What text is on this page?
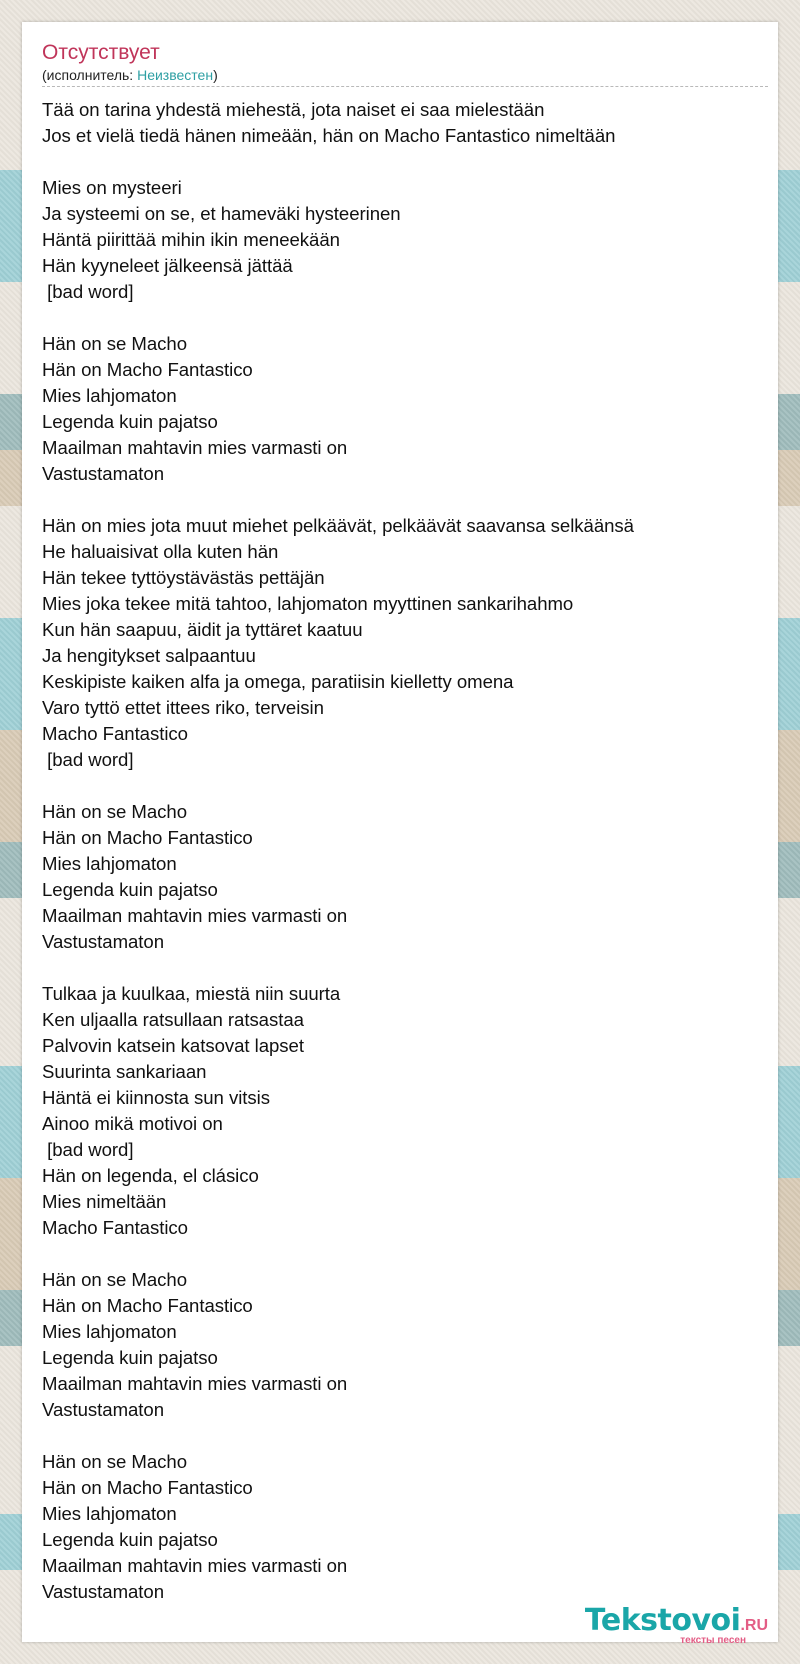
Отсутствует
(исполнитель: Неизвестен)
Tää on tarina yhdestä miehestä, jota naiset ei saa mielestään
Jos et vielä tiedä hänen nimeään, hän on Macho Fantastico nimeltään

Mies on mysteeri
Ja systeemi on se, et hameväki hysteerinen
Häntä piirittää mihin ikin meneekään
Hän kyyneleet jälkeensä jättää
[bad word]

Hän on se Macho
Hän on Macho Fantastico
Mies lahjomaton
Legenda kuin pajatso
Maailman mahtavin mies varmasti on
Vastustamaton

Hän on mies jota muut miehet pelkäävät, pelkäävät saavansa selkäänsä
He haluaisivat olla kuten hän
Hän tekee tyttöystävästäs pettäjän
Mies joka tekee mitä tahtoo, lahjomaton myyttinen sankarihahmo
Kun hän saapuu, äidit ja tyttäret kaatuu
Ja hengitykset salpaantuu
Keskipiste kaiken alfa ja omega, paratiisin kielletty omena
Varo tyttö ettet ittees riko, terveisin
Macho Fantastico
[bad word]

Hän on se Macho
Hän on Macho Fantastico
Mies lahjomaton
Legenda kuin pajatso
Maailman mahtavin mies varmasti on
Vastustamaton

Tulkaa ja kuulkaa, miestä niin suurta
Ken uljaalla ratsullaan ratsastaa
Palvovin katsein katsovat lapset
Suurinta sankariaan
Häntä ei kiinnosta sun vitsis
Ainoo mikä motivoi on
[bad word]
Hän on legenda, el clásico
Mies nimeltään
Macho Fantastico

Hän on se Macho
Hän on Macho Fantastico
Mies lahjomaton
Legenda kuin pajatso
Maailman mahtavin mies varmasti on
Vastustamaton

Hän on se Macho
Hän on Macho Fantastico
Mies lahjomaton
Legenda kuin pajatso
Maailman mahtavin mies varmasti on
Vastustamaton
Tekstovoi.RU
тексты песен
